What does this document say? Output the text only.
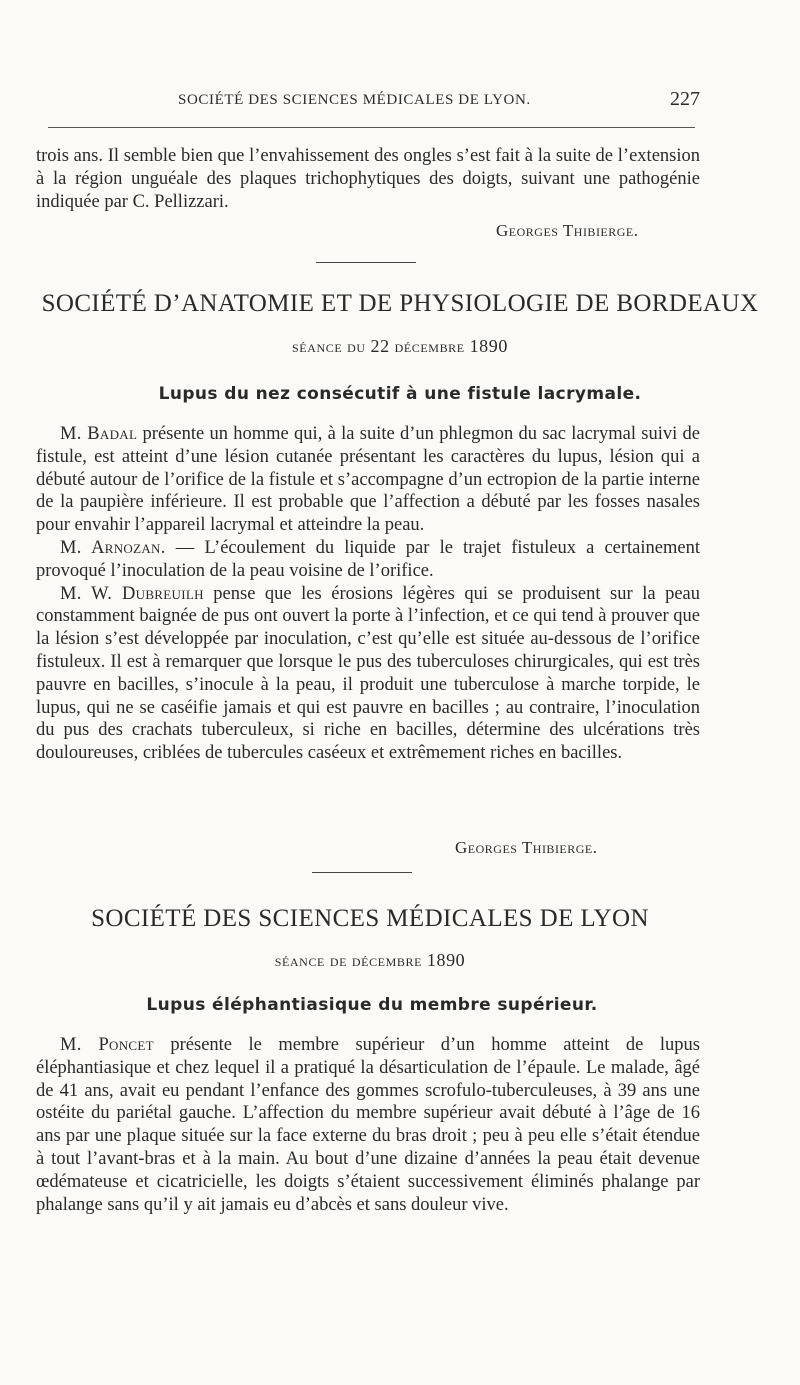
SOCIÉTÉ DES SCIENCES MÉDICALES DE LYON.	227

trois ans. Il semble bien que l’envahissement des ongles s’est fait à la suite de l’extension à la région unguéale des plaques trichophytiques des doigts, suivant une pathogénie indiquée par C. Pellizzari.

Georges Thibierge.
SOCIÉTÉ D’ANATOMIE ET DE PHYSIOLOGIE DE BORDEAUX
séance du 22 décembre 1890
Lupus du nez consécutif à une fistule lacrymale.

M. Badal présente un homme qui, à la suite d’un phlegmon du sac lacrymal suivi de fistule, est atteint d’une lésion cutanée présentant les caractères du lupus, lésion qui a débuté autour de l’orifice de la fistule et s’accompagne d’un ectropion de la partie interne de la paupière inférieure. Il est probable que l’affection a débuté par les fosses nasales pour envahir l’appareil lacrymal et atteindre la peau.

M. Arnozan. — L’écoulement du liquide par le trajet fistuleux a certainement provoqué l’inoculation de la peau voisine de l’orifice.

M. W. Dubreuilh pense que les érosions légères qui se produisent sur la peau constamment baignée de pus ont ouvert la porte à l’infection, et ce qui tend à prouver que la lésion s’est développée par inoculation, c’est qu’elle est située au-dessous de l’orifice fistuleux. Il est à remarquer que lorsque le pus des tuberculoses chirurgicales, qui est très pauvre en bacilles, s’inocule à la peau, il produit une tuberculose à marche torpide, le lupus, qui ne se caséifie jamais et qui est pauvre en bacilles ; au contraire, l’inoculation du pus des crachats tuberculeux, si riche en bacilles, détermine des ulcérations très douloureuses, criblées de tubercules caséeux et extrêmement riches en bacilles.

Georges Thibierge.
SOCIÉTÉ DES SCIENCES MÉDICALES DE LYON
séance de décembre 1890
Lupus éléphantiasique du membre supérieur.

M. Poncet présente le membre supérieur d’un homme atteint de lupus éléphantiasique et chez lequel il a pratiqué la désarticulation de l’épaule. Le malade, âgé de 41 ans, avait eu pendant l’enfance des gommes scrofulo-tuberculeuses, à 39 ans une ostéite du pariétal gauche. L’affection du membre supérieur avait débuté à l’âge de 16 ans par une plaque située sur la face externe du bras droit ; peu à peu elle s’était étendue à tout l’avant-bras et à la main. Au bout d’une dizaine d’années la peau était devenue œdémateuse et cicatricielle, les doigts s’étaient successivement éliminés phalange par phalange sans qu’il y ait jamais eu d’abcès et sans douleur vive.
